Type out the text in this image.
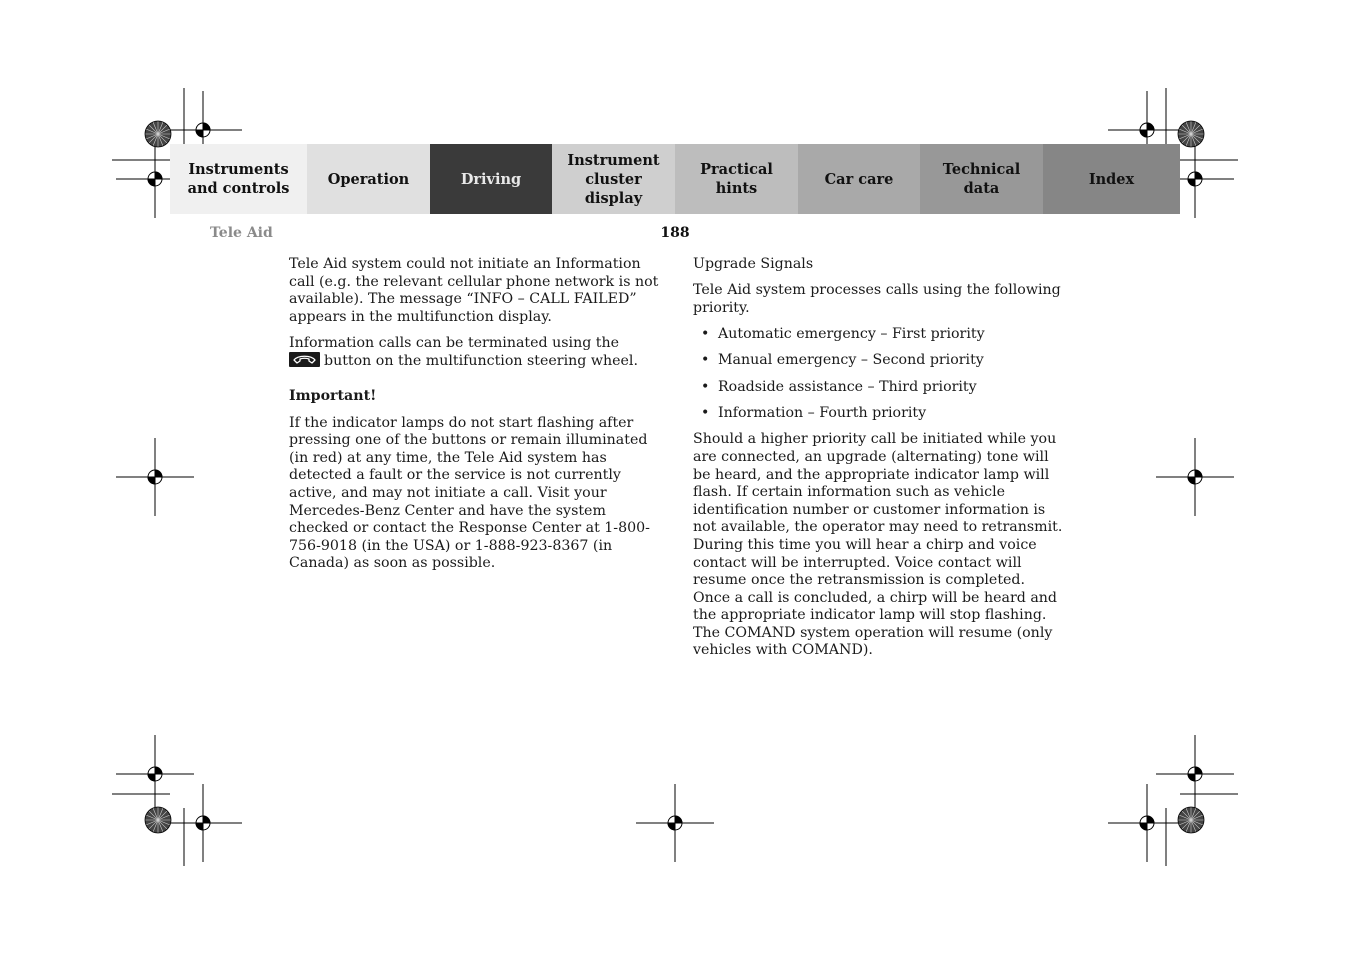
Instruments
and controls
Operation	Driving
Instrument
cluster display
Practical hints
Car care
Technical
data
Index
Tele Aid	188

Tele Aid system could not initiate an Information call (e.g. the relevant cellular phone network is not available). The message “INFO – CALL FAILED” appears in the multifunction display.

Information calls can be terminated using the

button on the multifunction steering wheel.

Important!

If the indicator lamps do not start flashing after pressing one of the buttons or remain illuminated (in red) at any time, the Tele Aid system has detected a fault or the service is not currently active, and may not initiate a call. Visit your Mercedes-Benz Center and have the system checked or contact the Response Center at 1-800-756-9018 (in the USA) or 1-888-923-8367 (in Canada) as soon as possible.

Upgrade Signals

Tele Aid system processes calls using the following priority.

• Automatic emergency – First priority
• Manual emergency – Second priority
• Roadside assistance – Third priority
• Information – Fourth priority

Should a higher priority call be initiated while you are connected, an upgrade (alternating) tone will be heard, and the appropriate indicator lamp will flash. If certain information such as vehicle identification number or customer information is not available, the operator may need to retransmit. During this time you will hear a chirp and voice contact will be interrupted. Voice contact will resume once the retransmission is completed. Once a call is concluded, a chirp will be heard and the appropriate indicator lamp will stop flashing. The COMAND system operation will resume (only vehicles with COMAND).
